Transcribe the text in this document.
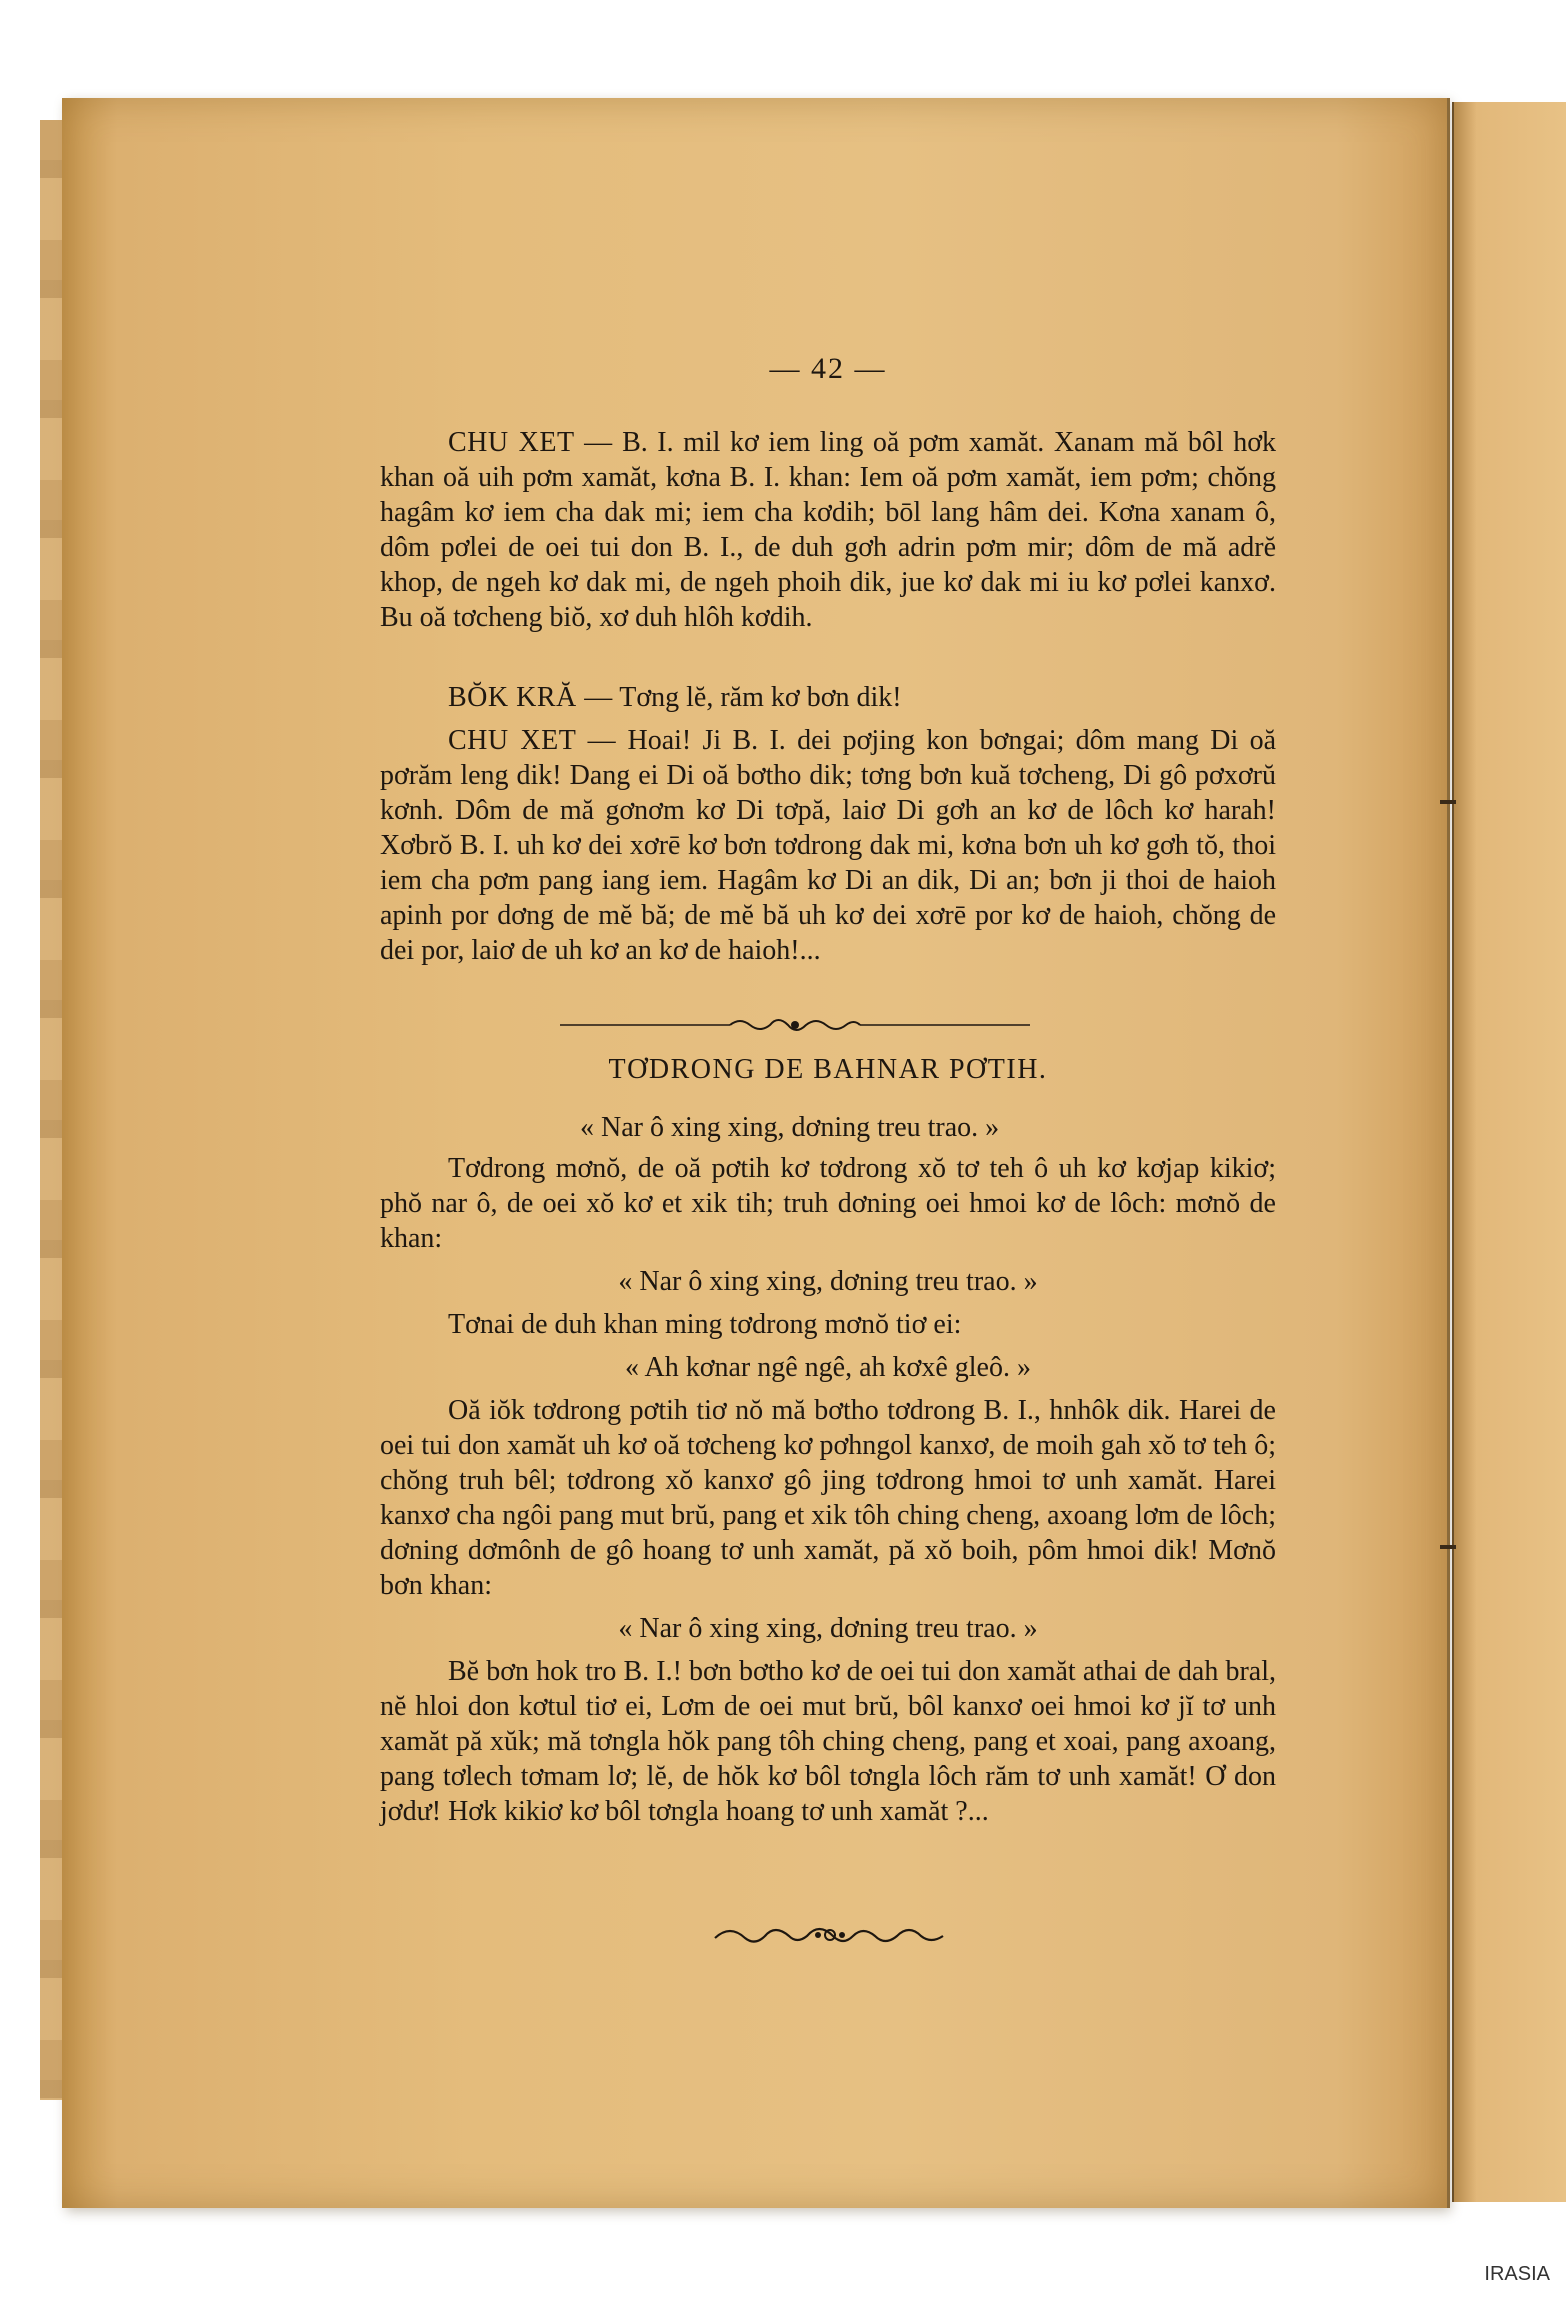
— 42 —

CHU XET — B. I. mil kơ iem ling oă pơm xamăt. Xanam mă bôl hơk khan oă uih pơm xamăt, kơna B. I. khan: Iem oă pơm xamăt, iem pơm; chŏng hagâm kơ iem cha dak mi; iem cha kơdih; bōl lang hâm dei. Kơna xanam ô, dôm pơlei de oei tui don B. I., de duh gơh adrin pơm mir; dôm de mă adrĕ khop, de ngeh kơ dak mi, de ngeh phoih dik, jue kơ dak mi iu kơ pơlei kanxơ. Bu oă tơcheng biŏ, xơ duh hlôh kơdih.

BŎK KRĂ — Tơng lĕ, răm kơ bơn dik!

CHU XET — Hoai! Ji B. I. dei pơjing kon bơngai; dôm mang Di oă pơrăm leng dik! Dang ei Di oă bơtho dik; tơng bơn kuă tơcheng, Di gô pơxơrŭ kơnh. Dôm de mă gơnơm kơ Di tơpă, laiơ Di gơh an kơ de lôch kơ harah! Xơbrŏ B. I. uh kơ dei xơrē kơ bơn tơdrong dak mi, kơna bơn uh kơ gơh tŏ, thoi iem cha pơm pang iang iem. Hagâm kơ Di an dik, Di an; bơn ji thoi de haioh apinh por dơng de mĕ bă; de mĕ bă uh kơ dei xơrē por kơ de haioh, chŏng de dei por, laiơ de uh kơ an kơ de haioh!...

TƠDRONG DE BAHNAR PƠTIH.

« Nar ô xing xing, dơning treu trao. »

Tơdrong mơnŏ, de oă pơtih kơ tơdrong xŏ tơ teh ô uh kơ kơjap kikiơ; phŏ nar ô, de oei xŏ kơ et xik tih; truh dơning oei hmoi kơ de lôch: mơnŏ de khan:

« Nar ô xing xing, dơning treu trao. »

Tơnai de duh khan ming tơdrong mơnŏ tiơ ei:

« Ah kơnar ngê ngê, ah kơxê gleô. »

Oă iŏk tơdrong pơtih tiơ nŏ mă bơtho tơdrong B. I., hnhôk dik. Harei de oei tui don xamăt uh kơ oă tơcheng kơ pơhngol kanxơ, de moih gah xŏ tơ teh ô; chŏng truh bêl; tơdrong xŏ kanxơ gô jing tơdrong hmoi tơ unh xamăt. Harei kanxơ cha ngôi pang mut brŭ, pang et xik tôh ching cheng, axoang lơm de lôch; dơning dơmônh de gô hoang tơ unh xamăt, pă xŏ boih, pôm hmoi dik! Mơnŏ bơn khan:

« Nar ô xing xing, dơning treu trao. »

Bĕ bơn hok tro B. I.! bơn bơtho kơ de oei tui don xamăt athai de dah bral, nĕ hloi don kơtul tiơ ei, Lơm de oei mut brŭ, bôl kanxơ oei hmoi kơ jĭ tơ unh xamăt pă xŭk; mă tơngla hŏk pang tôh ching cheng, pang et xoai, pang axoang, pang tơlech tơmam lơ; lĕ, de hŏk kơ bôl tơngla lôch răm tơ unh xamăt! Ơ don jơdư! Hơk kikiơ kơ bôl tơngla hoang tơ unh xamăt ?...

IRASIA
